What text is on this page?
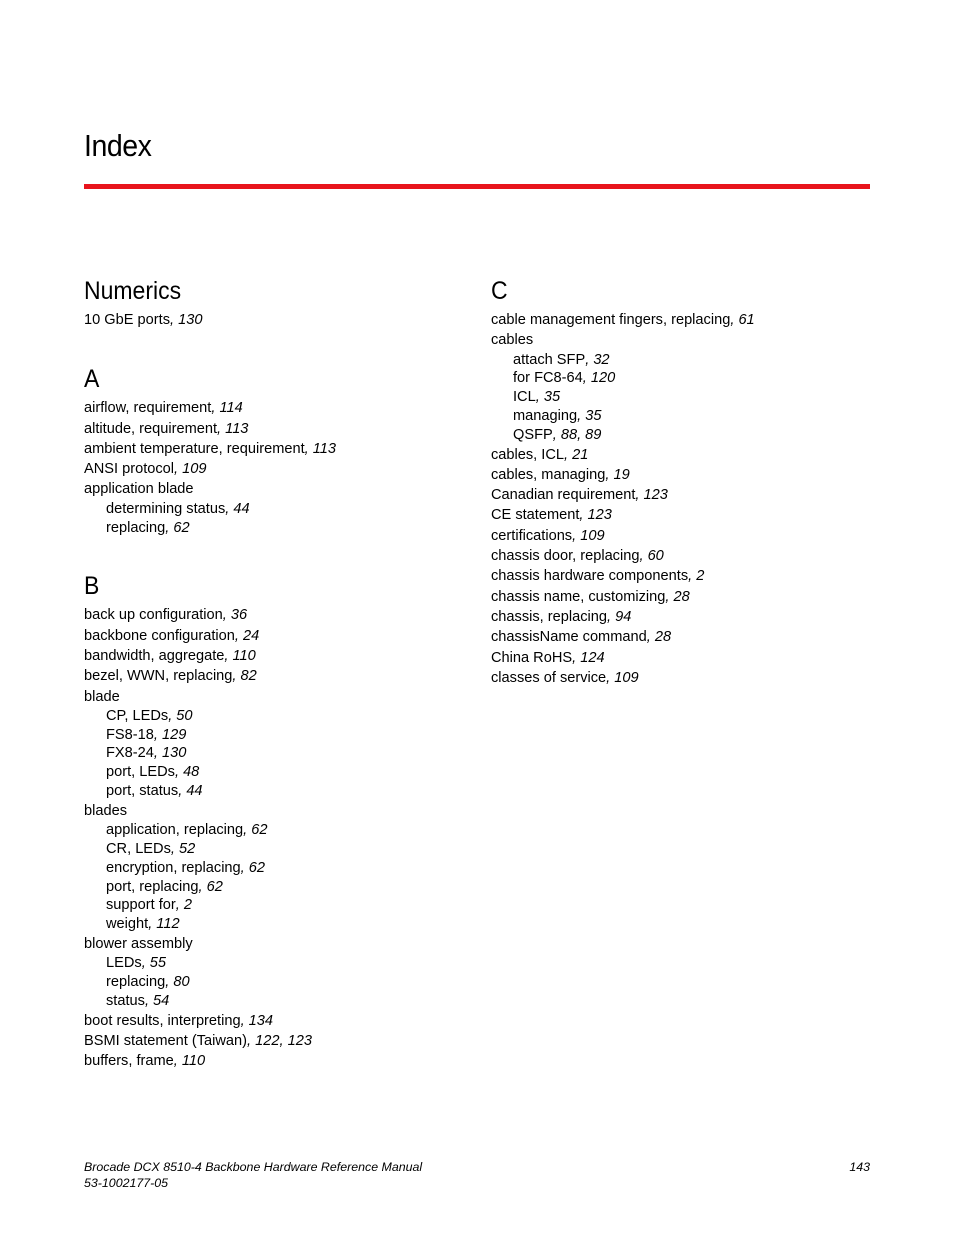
Index
Numerics
10 GbE ports, 130
A
airflow, requirement, 114
altitude, requirement, 113
ambient temperature, requirement, 113
ANSI protocol, 109
application blade
determining status, 44
replacing, 62
B
back up configuration, 36
backbone configuration, 24
bandwidth, aggregate, 110
bezel, WWN, replacing, 82
blade
CP, LEDs, 50
FS8-18, 129
FX8-24, 130
port, LEDs, 48
port, status, 44
blades
application, replacing, 62
CR, LEDs, 52
encryption, replacing, 62
port, replacing, 62
support for, 2
weight, 112
blower assembly
LEDs, 55
replacing, 80
status, 54
boot results, interpreting, 134
BSMI statement (Taiwan), 122, 123
buffers, frame, 110
C
cable management fingers, replacing, 61
cables
attach SFP, 32
for FC8-64, 120
ICL, 35
managing, 35
QSFP, 88, 89
cables, ICL, 21
cables, managing, 19
Canadian requirement, 123
CE statement, 123
certifications, 109
chassis door, replacing, 60
chassis hardware components, 2
chassis name, customizing, 28
chassis, replacing, 94
chassisName command, 28
China RoHS, 124
classes of service, 109
Brocade DCX 8510-4 Backbone Hardware Reference Manual
53-1002177-05
143
